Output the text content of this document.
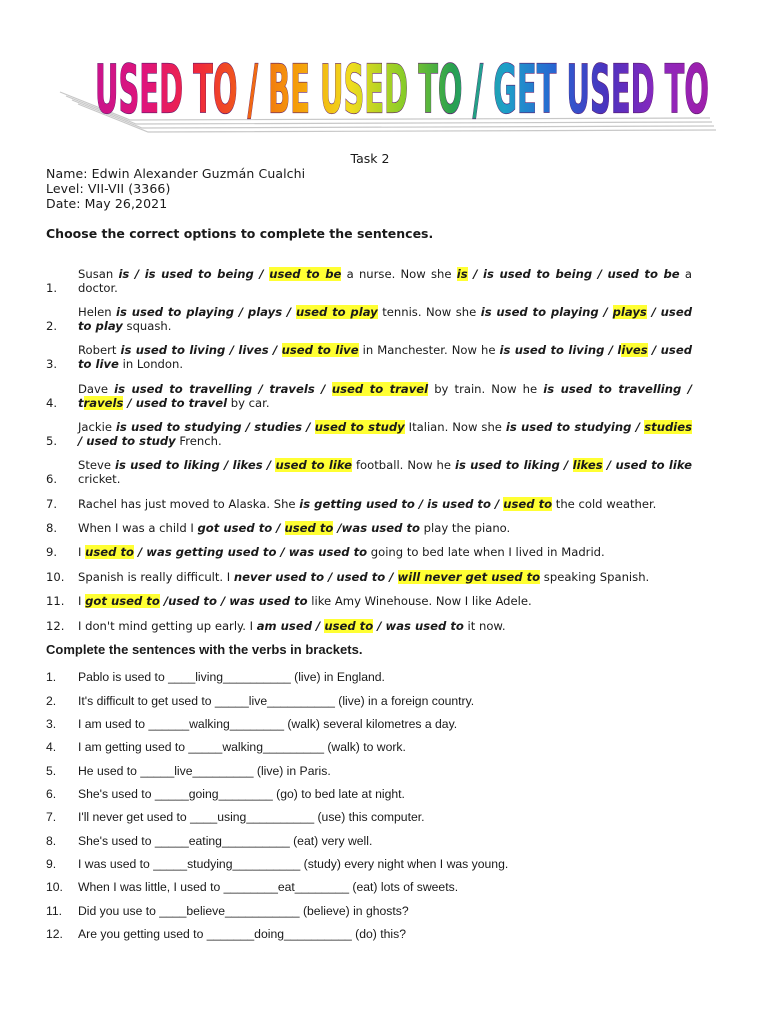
USED TO / BE USED TO / GET USED TO
Task 2
Name: Edwin Alexander Guzmán Cualchi
Level: VII-VII (3366)
Date: May 26,2021
Choose the correct options to complete the sentences.
1.
Susan is / is used to being / used to be a nurse. Now she is / is used to being / used to be a doctor.
2.
Helen is used to playing / plays / used to play tennis. Now she is used to playing / plays / used to play squash.
3.
Robert is used to living / lives / used to live in Manchester. Now he is used to living / lives / used to live in London.
4.
Dave is used to travelling / travels / used to travel by train. Now he is used to travelling / travels / used to travel by car.
5.
Jackie is used to studying / studies / used to study Italian. Now she is used to studying / studies / used to study French.
6.
Steve is used to liking / likes / used to like football. Now he is used to liking / likes / used to like cricket.
7. Rachel has just moved to Alaska. She is getting used to / is used to / used to the cold weather.
8. When I was a child I got used to / used to /was used to play the piano.
9. I used to / was getting used to / was used to going to bed late when I lived in Madrid.
10. Spanish is really difficult. I never used to / used to / will never get used to speaking Spanish.
11. I got used to /used to / was used to like Amy Winehouse. Now I like Adele.
12. I don't mind getting up early. I am used / used to / was used to it now.
Complete the sentences with the verbs in brackets.
1. Pablo is used to ____living__________ (live) in England.
2. It's difficult to get used to _____live__________ (live) in a foreign country.
3. I am used to ______walking________ (walk) several kilometres a day.
4. I am getting used to _____walking_________ (walk) to work.
5. He used to _____live_________ (live) in Paris.
6. She's used to _____going________ (go) to bed late at night.
7. I'll never get used to ____using__________ (use) this computer.
8. She's used to _____eating__________ (eat) very well.
9. I was used to _____studying__________ (study) every night when I was young.
10. When I was little, I used to ________eat________ (eat) lots of sweets.
11. Did you use to ____believe___________ (believe) in ghosts?
12. Are you getting used to _______doing__________ (do) this?
